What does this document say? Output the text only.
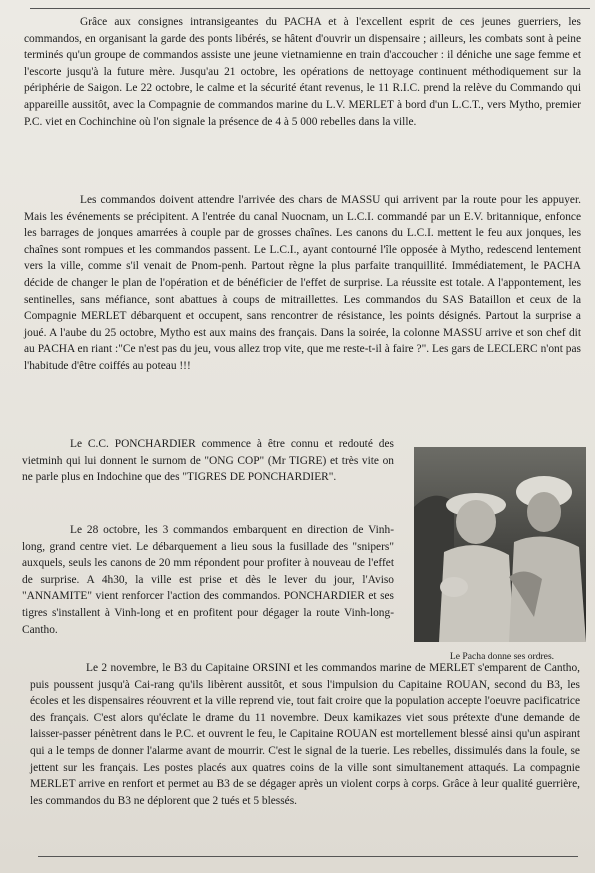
Grâce aux consignes intransigeantes du PACHA et à l'excellent esprit de ces jeunes guerriers, les commandos, en organisant la garde des ponts libérés, se hâtent d'ouvrir un dispensaire ; ailleurs, les combats sont à peine terminés qu'un groupe de commandos assiste une jeune vietnamienne en train d'accoucher : il déniche une sage femme et l'escorte jusqu'à la future mère. Jusqu'au 21 octobre, les opérations de nettoyage continuent méthodiquement sur la périphérie de Saigon. Le 22 octobre, le calme et la sécurité étant revenus, le 11 R.I.C. prend la relève du Commando qui appareille aussitôt, avec la Compagnie de commandos marine du L.V. MERLET à bord d'un L.C.T., vers Mytho, premier P.C. viet en Cochinchine où l'on signale la présence de 4 à 5 000 rebelles dans la ville.

Les commandos doivent attendre l'arrivée des chars de MASSU qui arrivent par la route pour les appuyer. Mais les événements se précipitent. A l'entrée du canal Nuocnam, un L.C.I. commandé par un E.V. britannique, enfonce les barrages de jonques amarrées à couple par de grosses chaînes. Les canons du L.C.I. mettent le feu aux jonques, les chaînes sont rompues et les commandos passent. Le L.C.I., ayant contourné l'île opposée à Mytho, redescend lentement vers la ville, comme s'il venait de Pnom-penh. Partout règne la plus parfaite tranquillité. Immédiatement, le PACHA décide de changer le plan de l'opération et de bénéficier de l'effet de surprise. La réussite est totale. A l'appontement, les sentinelles, sans méfiance, sont abattues à coups de mitraillettes. Les commandos du SAS Bataillon et ceux de la Compagnie MERLET débarquent et occupent, sans rencontrer de résistance, les points désignés. Partout la surprise a joué. A l'aube du 25 octobre, Mytho est aux mains des français. Dans la soirée, la colonne MASSU arrive et son chef dit au PACHA en riant :"Ce n'est pas du jeu, vous allez trop vite, que me reste-t-il à faire ?". Les gars de LECLERC n'ont pas l'habitude d'être coiffés au poteau !!!

Le C.C. PONCHARDIER commence à être connu et redouté des vietminh qui lui donnent le surnom de "ONG COP" (Mr TIGRE) et très vite on ne parle plus en Indochine que des "TIGRES DE PONCHARDIER".

Le 28 octobre, les 3 commandos embarquent en direction de Vinh-long, grand centre viet. Le débarquement a lieu sous la fusillade des "snipers" auxquels, seuls les canons de 20 mm répondent pour profiter à nouveau de l'effet de surprise. A 4h30, la ville est prise et dès le lever du jour, l'Aviso "ANNAMITE" vient renforcer l'action des commandos. PONCHARDIER et ses tigres s'installent à Vinh-long et en profitent pour dégager la route Vinh-long-Cantho.

Le Pacha donne ses ordres.

Le 2 novembre, le B3 du Capitaine ORSINI et les commandos marine de MERLET s'emparent de Cantho, puis poussent jusqu'à Cai-rang qu'ils libèrent aussitôt, et sous l'impulsion du Capitaine ROUAN, second du B3, les écoles et les dispensaires réouvrent et la ville reprend vie, tout fait croire que la population accepte l'oeuvre pacificatrice des français. C'est alors qu'éclate le drame du 11 novembre. Deux kamikazes viet sous prétexte d'une demande de laisser-passer pénètrent dans le P.C. et ouvrent le feu, le Capitaine ROUAN est mortellement blessé ainsi qu'un aspirant qui a le temps de donner l'alarme avant de mourrir. C'est le signal de la tuerie. Les rebelles, dissimulés dans la foule, se jettent sur les français. Les postes placés aux quatres coins de la ville sont simultanement attaqués. La compagnie MERLET arrive en renfort et permet au B3 de se dégager après un violent corps à corps. Grâce à leur qualité guerrière, les commandos du B3 ne déplorent que 2 tués et 5 blessés.
